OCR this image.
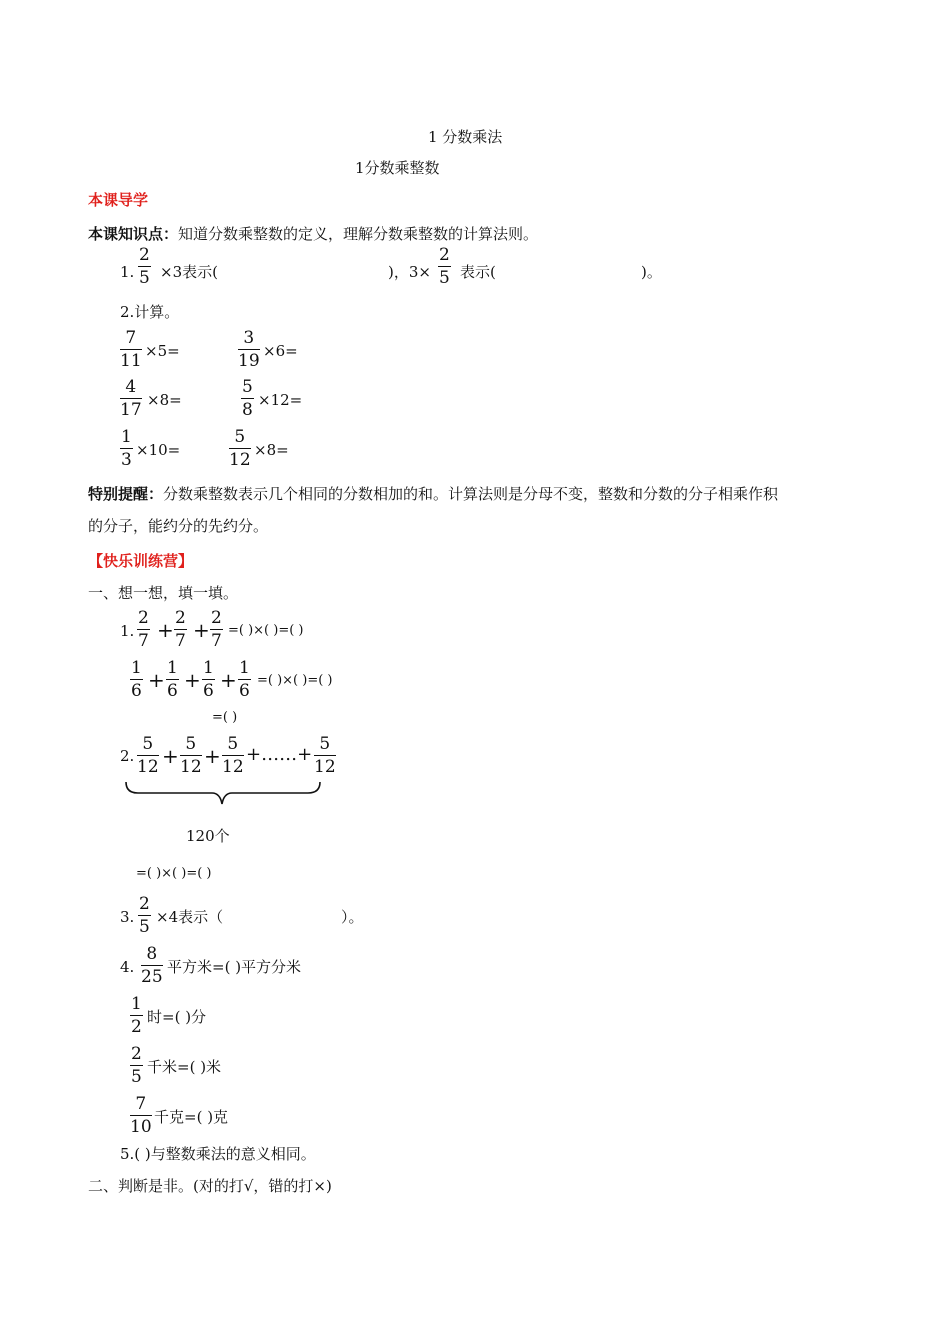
1 分数乘法
1分数乘整数
本课导学
本课知识点：知道分数乘整数的定义，理解分数乘整数的计算法则。
1.
2
5 ×3表示(	)，3×
2
5 表示(	)。
2.计算。
7
11 ×5=
3
19 ×6=
4
17 ×8=
5
8 ×12=
1
3 ×10=
5
12 ×8=
特别提醒：分数乘整数表示几个相同的分数相加的和。计算法则是分母不变，整数和分数的分子相乘作积
的分子，能约分的先约分。
【快乐训练营】
一、想一想，填一填。
1.
2
7 + 2
7 + 2
7
=( )×( )=( )
1
6 + 1
6 + 1
6 + 1
6
=( )×( )=( )
=( )
2.
5
12 + 5
12 + 5
12
+……+ 5
12
120个
=( )×( )=( )
3.
2
5 ×4表示（	）。
4.
8
25 平方米=( )平方分米
1
2 时=( )分
2
5 千米=( )米
7
10 千克=( )克
5.( )与整数乘法的意义相同。
二、判断是非。(对的打√，错的打×)
